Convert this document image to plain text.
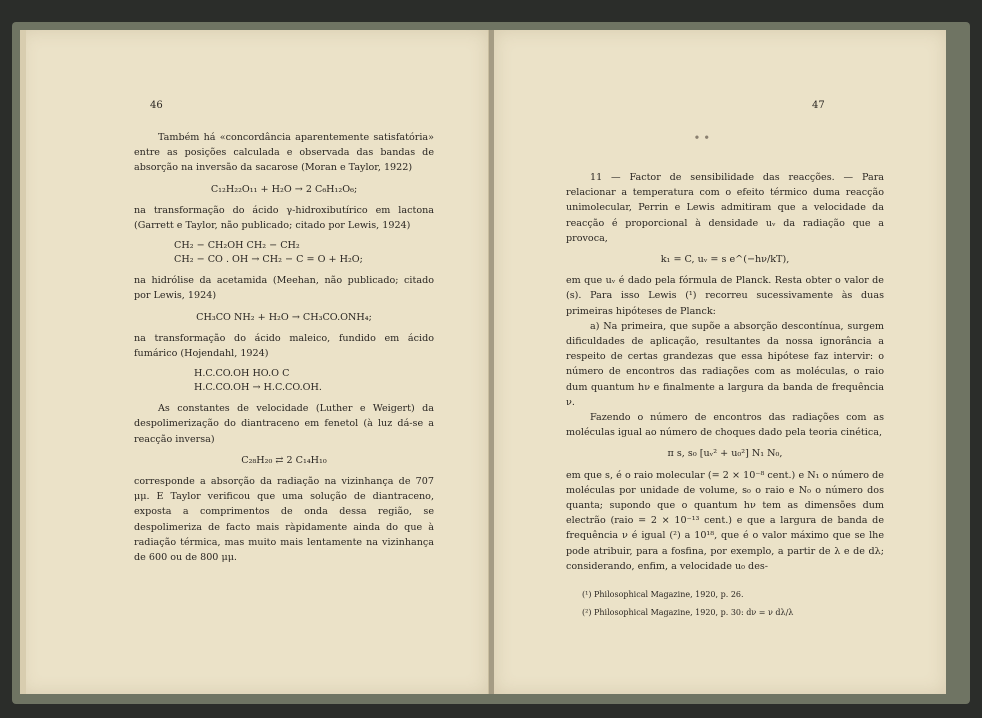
46

Também há «concordância aparentemente satisfatória» entre as posições calculada e observada das bandas de absorção na inversão da sacarose (Moran e Taylor, 1922)

C₁₂H₂₂O₁₁ + H₂O → 2 C₆H₁₂O₆;

na transformação do ácido γ-hidroxibutírico em lactona (Garrett e Taylor, não publicado; citado por Lewis, 1924)

CH₂ − CH₂OH CH₂ − CH₂
CH₂ − CO . OH → CH₂ − C = O + H₂O;

na hidrólise da acetamida (Meehan, não publicado; citado por Lewis, 1924)

CH₃CO NH₂ + H₂O → CH₃CO.ONH₄;

na transformação do ácido maleico, fundido em ácido fumárico (Hojendahl, 1924)

H.C.CO.OH HO.O C
H.C.CO.OH → H.C.CO.OH.

As constantes de velocidade (Luther e Weigert) da despolimerização do diantraceno em fenetol (à luz dá-se a reacção inversa)

C₂₈H₂₀ ⇄ 2 C₁₄H₁₀

corresponde a absorção da radiação na vizinhança de 707 μμ. E Taylor verificou que uma solução de diantraceno, exposta a comprimentos de onda dessa região, se despolimeriza de facto mais ràpidamente ainda do que à radiação térmica, mas muito mais lentamente na vizinhança de 600 ou de 800 μμ.

47
∙ ∙

11 — Factor de sensibilidade das reacções. — Para relacionar a temperatura com o efeito térmico duma reacção unimolecular, Perrin e Lewis admitiram que a velocidade da reacção é proporcional à densidade uᵥ da radiação que a provoca,

k₁ = C, uᵥ = s e^(−hν/kT),

em que uᵥ é dado pela fórmula de Planck. Resta obter o valor de (s). Para isso Lewis (¹) recorreu sucessivamente às duas primeiras hipóteses de Planck:

a) Na primeira, que supõe a absorção descontínua, surgem dificuldades de aplicação, resultantes da nossa ignorância a respeito de certas grandezas que essa hipótese faz intervir: o número de encontros das radiações com as moléculas, o raio dum quantum hν e finalmente a largura da banda de frequência ν.

Fazendo o número de encontros das radiações com as moléculas igual ao número de choques dado pela teoria cinética,

π s, s₀ [uᵥ² + u₀²] N₁ N₀,

em que s, é o raio molecular (= 2 × 10⁻⁸ cent.) e N₁ o número de moléculas por unidade de volume, s₀ o raio e N₀ o número dos quanta; supondo que o quantum hν tem as dimensões dum electrão (raio = 2 × 10⁻¹³ cent.) e que a largura de banda de frequência ν é igual (²) a 10¹⁸, que é o valor máximo que se lhe pode atribuir, para a fosfina, por exemplo, a partir de λ e de dλ; considerando, enfim, a velocidade u₀ des-

(¹) Philosophical Magazine, 1920, p. 26.
(²) Philosophical Magazine, 1920, p. 30: dν = ν dλ/λ
